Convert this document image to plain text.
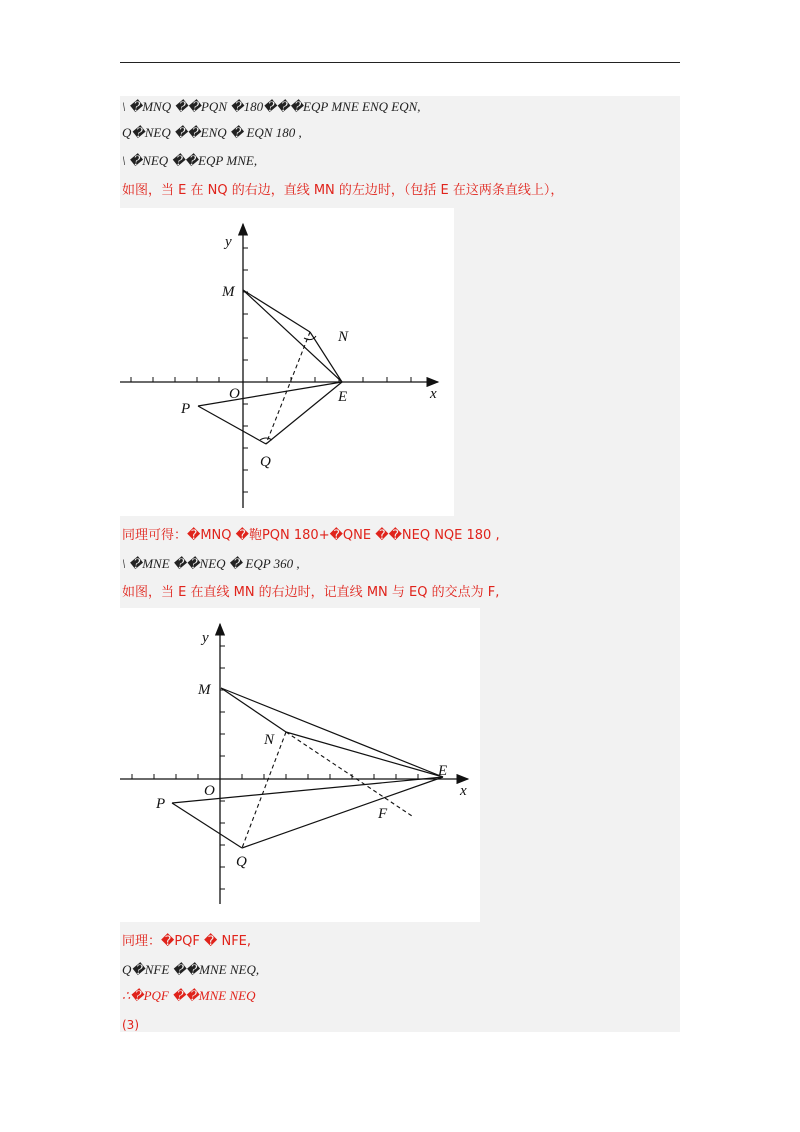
\ �MNQ ��PQN �180���EQP MNE ENQ EQN,
Q�NEQ ��ENQ � EQN 180 ,
\ �NEQ ��EQP MNE,
如图，当 E 在 NQ 的右边，直线 MN 的左边时，（包括 E 在这两条直线上），
y
x
M
N
O	E
P
Q
同理可得：�MNQ �鞄PQN 180+�QNE ��NEQ NQE 180 ,
\ �MNE ��NEQ � EQP 360 ,
如图，当 E 在直线 MN 的右边时，记直线 MN 与 EQ 的交点为 F,
y
x
M
N
O
E
P
Q
F
同理：�PQF � NFE,
Q�NFE ��MNE NEQ,
∴�PQF ��MNE NEQ
(3)
